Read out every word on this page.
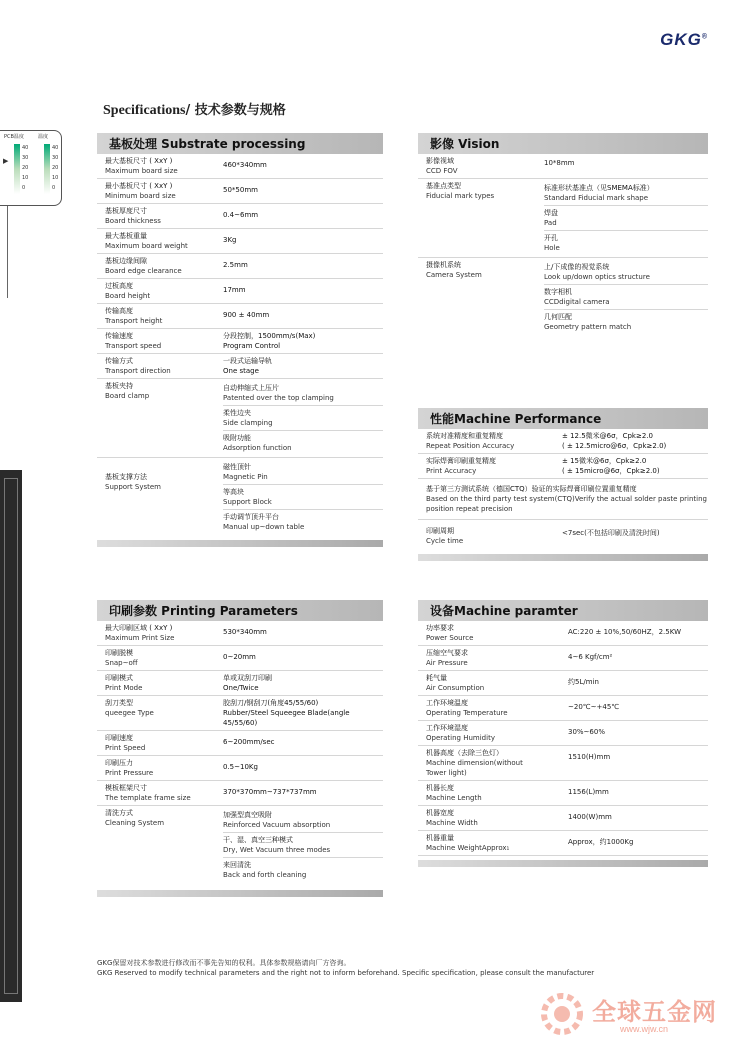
GKG®
Specifications/ 技术参数与规格
PCB温度	温度
40
30
20
10
0
40
30
20
10
0
▶
基板处理 Substrate processing
最大基板尺寸 ( XxY )
Maximum board size
460*340mm
最小基板尺寸 ( XxY )
Minimum board size
50*50mm
基板厚度尺寸
Board thickness
0.4~6mm
最大基板重量
Maximum board weight
3Kg
基板边缘间隙
Board edge clearance
2.5mm
过板高度
Board height
17mm
传输高度
Transport height
900 ± 40mm
传输速度
Transport speed
分段控制，1500mm/s(Max)
Program Control
传输方式
Transport direction
一段式运输导轨
One stage
基板夹持
Board clamp
自动伸缩式上压片
Patented over the top clamping
柔性边夹
Side clamping
吸附功能
Adsorption function
基板支撑方法
Support System
磁性顶针
Magnetic Pin
等高块
Support Block
手动调节顶升平台
Manual up~down table
影像 Vision
影像视域
CCD FOV
10*8mm
基准点类型
Fiducial mark types
标准形状基准点（见SMEMA标准）
Standard Fiducial mark shape
焊盘
Pad
开孔
Hole
摄像机系统
Camera System
上/下成像的视觉系统
Look up/down optics structure
数字相机
CCDdigital camera
几何匹配
Geometry pattern match
性能Machine Performance
系统对准精度和重复精度
Repeat Position Accuracy
± 12.5微米@6σ，Cpk≥2.0
( ± 12.5micro@6σ，Cpk≥2.0)
实际焊膏印刷重复精度
Print Accuracy
± 15微米@6σ，Cpk≥2.0
( ± 15micro@6σ，Cpk≥2.0)
基于第三方测试系统（德国CTQ）验证的实际焊膏印刷位置重复精度
Based on the third party test system(CTQ)Verify the actual solder paste printing position repeat precision
印刷周期
Cycle time
<7sec(不包括印刷及清洗时间)
印刷参数 Printing Parameters
最大印刷区域 ( XxY )
Maximum Print Size
530*340mm
印刷脱模
Snap~off
0~20mm
印刷模式
Print Mode
单或双刮刀印刷
One/Twice
刮刀类型
queegee Type
胶刮刀/钢刮刀(角度45/55/60)
Rubber/Steel Squeegee Blade(angle 45/55/60)
印刷速度
Print Speed
6~200mm/sec
印刷压力
Print Pressure
0.5~10Kg
模板框架尺寸
The template frame size
370*370mm~737*737mm
清洗方式
Cleaning System
加强型真空吸附
Reinforced Vacuum absorption
干、湿、真空三种模式
Dry, Wet Vacuum three modes
来回清洗
Back and forth cleaning
设备Machine paramter
功率要求
Power Source
AC:220 ± 10%,50/60HZ，2.5KW
压缩空气要求
Air Pressure
4~6 Kgf/cm²
耗气量
Air Consumption
约5L/min
工作环境温度
Operating Temperature
~20℃~+45℃
工作环境湿度
Operating Humidity
30%~60%
机器高度（去除三色灯）
Machine dimension(without Tower light)
1510(H)mm
机器长度
Machine Length
1156(L)mm
机器宽度
Machine Width
1400(W)mm
机器重量
Machine WeightApprox₁
Approx，约1000Kg
GKG保留对技术参数进行修改而不事先告知的权利。具体参数规格请向厂方咨询。
GKG Reserved to modify technical parameters and the right not to inform beforehand. Specific specification, please consult the manufacturer
全球五金网
www.wjw.cn
